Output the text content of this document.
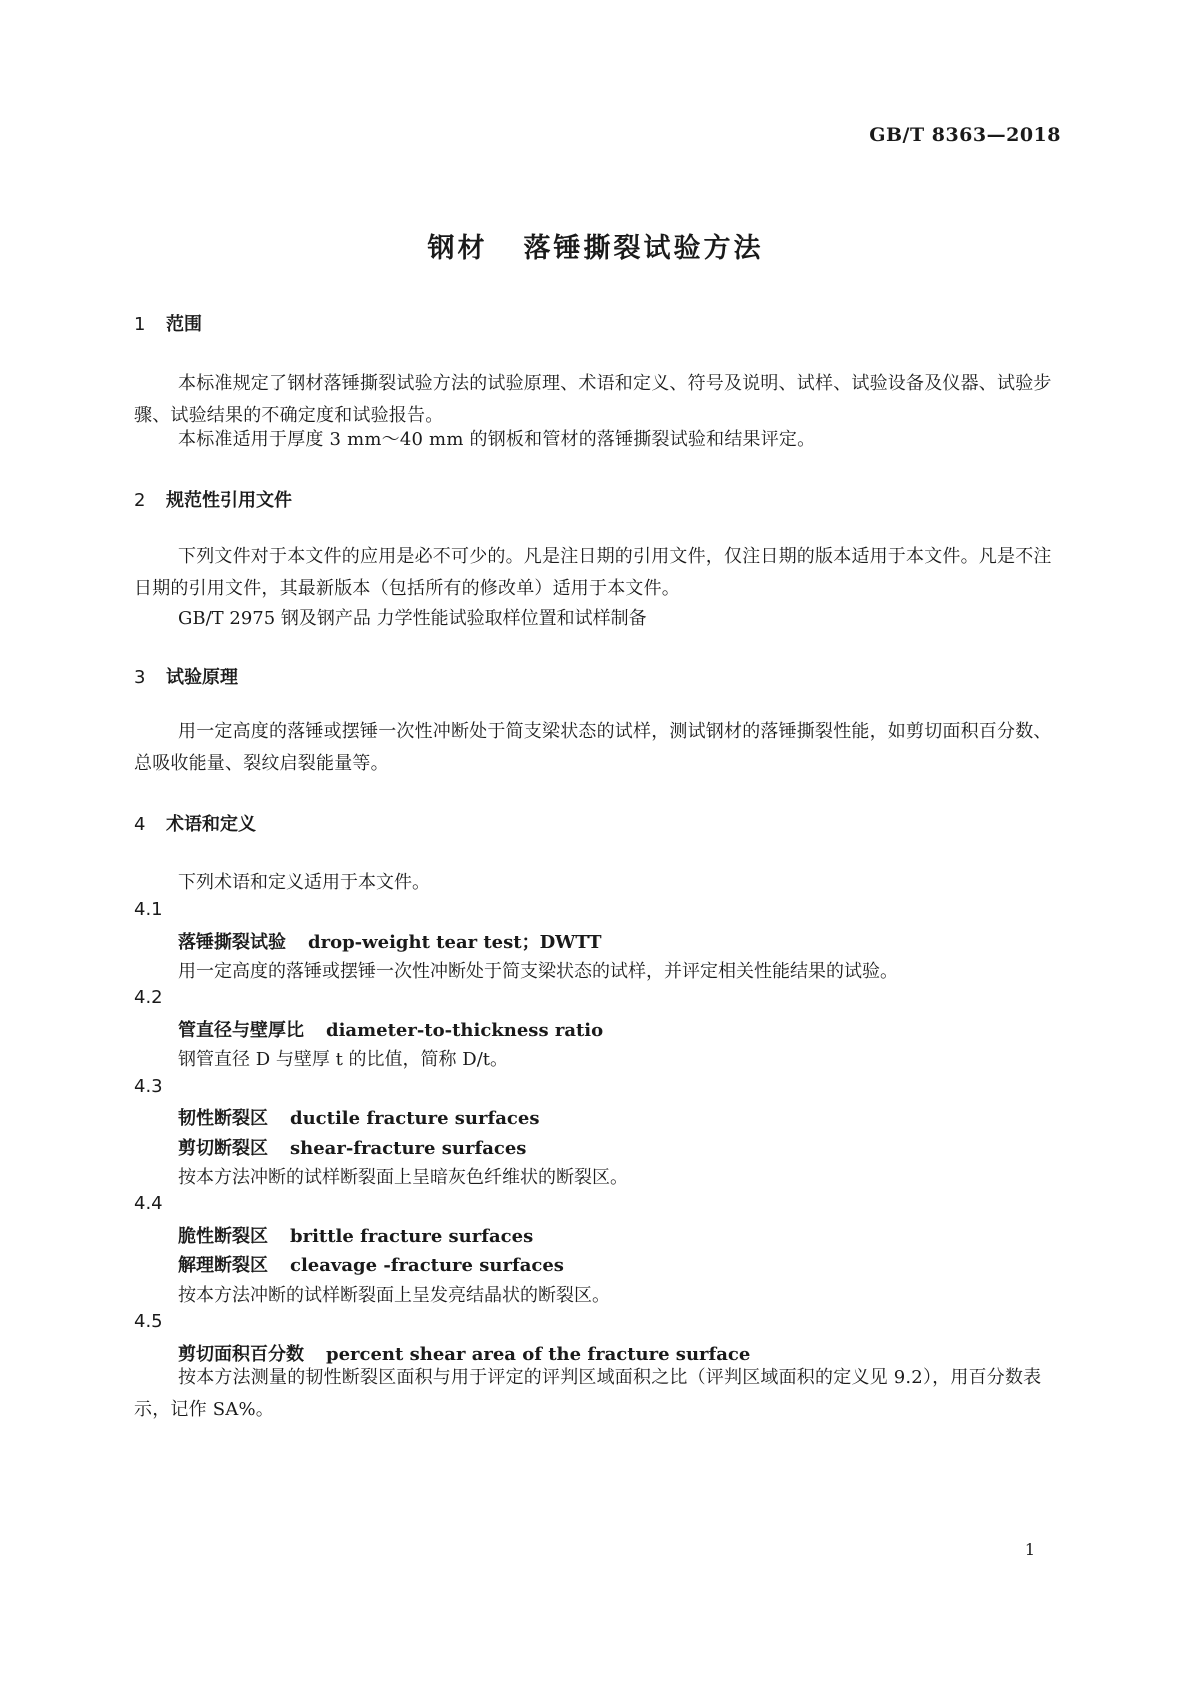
GB/T 8363—2018
钢材 落锤撕裂试验方法
1 范围

本标准规定了钢材落锤撕裂试验方法的试验原理、术语和定义、符号及说明、试样、试验设备及仪器、试验步骤、试验结果的不确定度和试验报告。

本标准适用于厚度 3 mm～40 mm 的钢板和管材的落锤撕裂试验和结果评定。

2 规范性引用文件

下列文件对于本文件的应用是必不可少的。凡是注日期的引用文件，仅注日期的版本适用于本文件。凡是不注日期的引用文件，其最新版本（包括所有的修改单）适用于本文件。

GB/T 2975 钢及钢产品 力学性能试验取样位置和试样制备
3 试验原理

用一定高度的落锤或摆锤一次性冲断处于简支梁状态的试样，测试钢材的落锤撕裂性能，如剪切面积百分数、总吸收能量、裂纹启裂能量等。

4 术语和定义
下列术语和定义适用于本文件。
4.1
落锤撕裂试验 drop-weight tear test；DWTT
用一定高度的落锤或摆锤一次性冲断处于简支梁状态的试样，并评定相关性能结果的试验。
4.2
管直径与壁厚比 diameter-to-thickness ratio
钢管直径 D 与壁厚 t 的比值，简称 D/t。
4.3
韧性断裂区 ductile fracture surfaces
剪切断裂区 shear-fracture surfaces
按本方法冲断的试样断裂面上呈暗灰色纤维状的断裂区。
4.4
脆性断裂区 brittle fracture surfaces
解理断裂区 cleavage -fracture surfaces
按本方法冲断的试样断裂面上呈发亮结晶状的断裂区。
4.5
剪切面积百分数 percent shear area of the fracture surface

按本方法测量的韧性断裂区面积与用于评定的评判区域面积之比（评判区域面积的定义见 9.2），用百分数表示，记作 SA%。

1
